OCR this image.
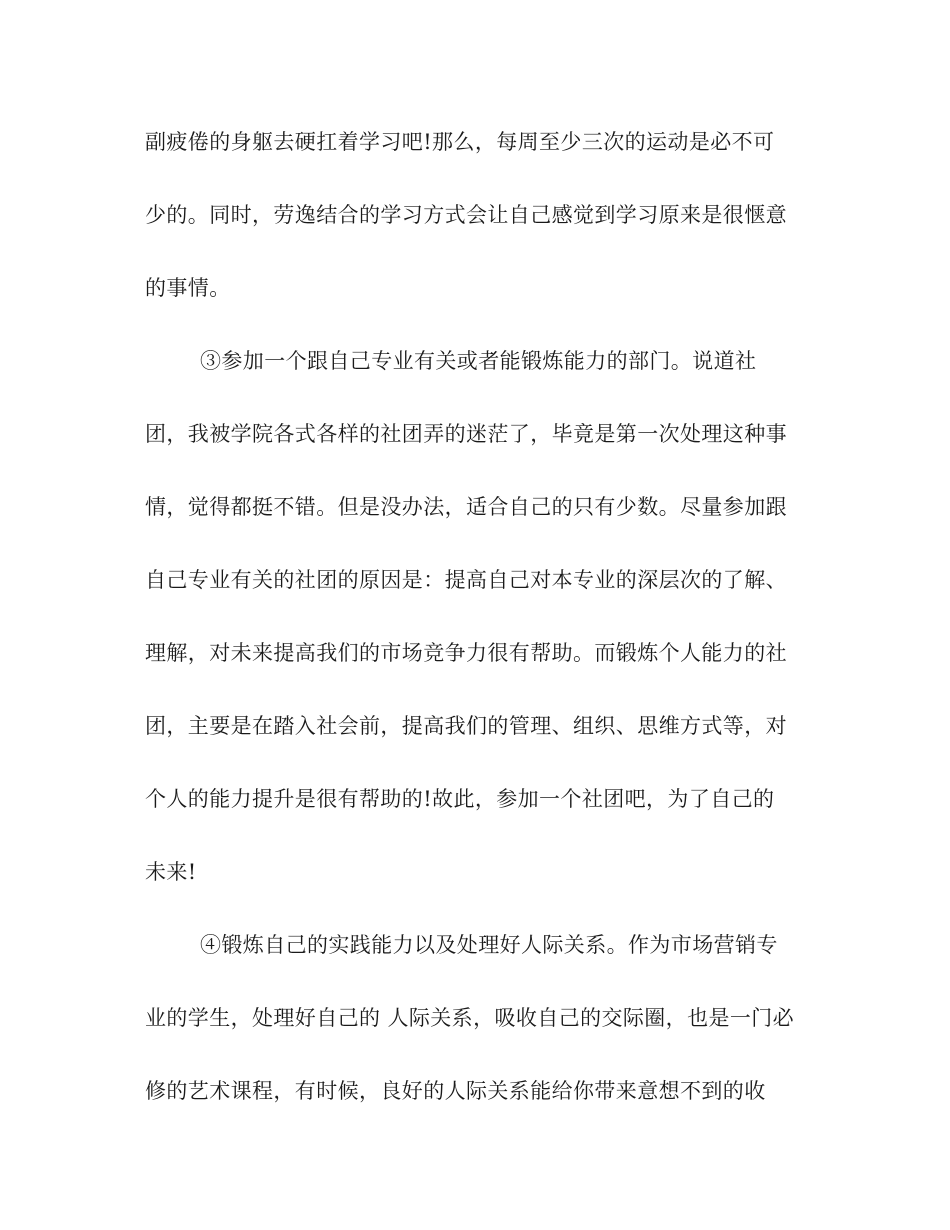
副疲倦的身躯去硬扛着学习吧!那么，每周至少三次的运动是必不可
少的。同时，劳逸结合的学习方式会让自己感觉到学习原来是很惬意
的事情。
③参加一个跟自己专业有关或者能锻炼能力的部门。说道社
团，我被学院各式各样的社团弄的迷茫了，毕竟是第一次处理这种事
情，觉得都挺不错。但是没办法，适合自己的只有少数。尽量参加跟
自己专业有关的社团的原因是：提高自己对本专业的深层次的了解、
理解，对未来提高我们的市场竞争力很有帮助。而锻炼个人能力的社
团，主要是在踏入社会前，提高我们的管理、组织、思维方式等，对
个人的能力提升是很有帮助的!故此，参加一个社团吧，为了自己的
未来!
④锻炼自己的实践能力以及处理好人际关系。作为市场营销专
业的学生，处理好自己的 人际关系，吸收自己的交际圈，也是一门必
修的艺术课程，有时候，良好的人际关系能给你带来意想不到的收
